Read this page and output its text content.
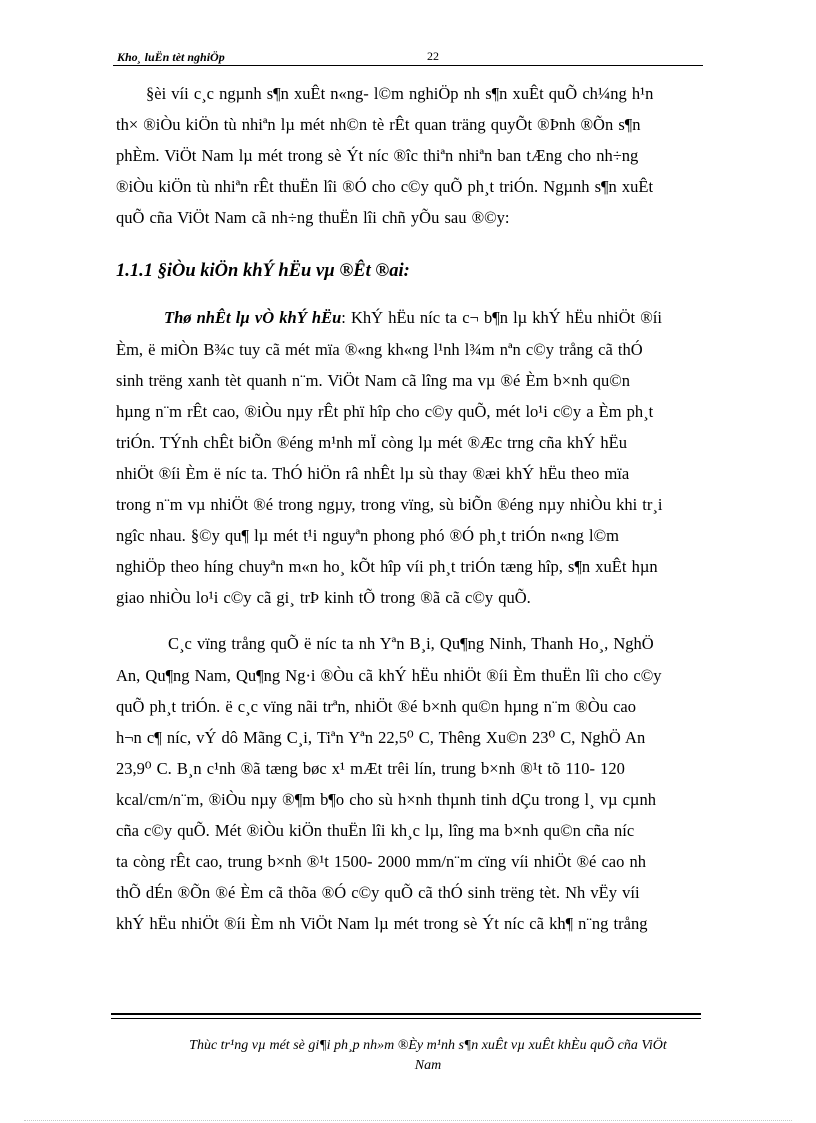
Kho¸ luËn tèt nghiÖp	22
§èi víi c¸c ngµnh s¶n xuÊt n«ng- l©m nghiÖp nh s¶n xuÊt quÕ ch¼ng h¹n
th× ®iÒu kiÖn tù nhiªn lµ mét nh©n tè rÊt quan träng quyÕt ®Þnh ®Õn s¶n
phÈm. ViÖt Nam lµ mét trong sè Ýt níc ®îc thiªn nhiªn ban tÆng cho nh÷ng
®iÒu kiÖn tù nhiªn rÊt thuËn lîi ®Ó cho c©y quÕ ph¸t triÓn. Ngµnh s¶n xuÊt
quÕ cña ViÖt Nam cã nh÷ng thuËn lîi chñ yÕu sau ®©y:
1.1.1 §iÒu kiÖn khÝ hËu vµ ®Êt ®ai:
Thø nhÊt lµ vÒ khÝ hËu: KhÝ hËu níc ta c¬ b¶n lµ khÝ hËu nhiÖt ®íi
Èm, ë miÒn B¾c tuy cã mét mïa ®«ng kh«ng l¹nh l¾m nªn c©y trång cã thÓ
sinh trëng xanh tèt quanh n¨m. ViÖt Nam cã lîng ma vµ ®é Èm b×nh qu©n
hµng n¨m rÊt cao, ®iÒu nµy rÊt phï hîp cho c©y quÕ, mét lo¹i c©y a Èm ph¸t
triÓn. TÝnh chÊt biÕn ®éng m¹nh mÏ còng lµ mét ®Æc trng cña khÝ hËu
nhiÖt ®íi Èm ë níc ta. ThÓ hiÖn râ nhÊt lµ sù thay ®æi khÝ hËu theo mïa
trong n¨m vµ nhiÖt ®é trong ngµy, trong vïng, sù biÕn ®éng nµy nhiÒu khi tr¸i
ngîc nhau. §©y qu¶ lµ mét t¹i nguyªn phong phó ®Ó ph¸t triÓn n«ng l©m
nghiÖp theo híng chuyªn m«n ho¸ kÕt hîp víi ph¸t triÓn tæng hîp, s¶n xuÊt hµn
giao nhiÒu lo¹i c©y cã gi¸ trÞ kinh tÕ trong ®ã cã c©y quÕ.
C¸c vïng trång quÕ ë níc ta nh Yªn B¸i, Qu¶ng Ninh, Thanh Ho¸, NghÖ
An, Qu¶ng Nam, Qu¶ng Ng·i ®Òu cã khÝ hËu nhiÖt ®íi Èm thuËn lîi cho c©y
quÕ ph¸t triÓn. ë c¸c vïng nãi trªn, nhiÖt ®é b×nh qu©n hµng n¨m ®Òu cao
h¬n c¶ níc, vÝ dô Mãng C¸i, Tiªn Yªn 22,5⁰ C, Thêng Xu©n 23⁰ C, NghÖ An
23,9⁰ C. B¸n c¹nh ®ã tæng bøc x¹ mÆt trêi lín, trung b×nh ®¹t tõ 110- 120
kcal/cm/n¨m, ®iÒu nµy ®¶m b¶o cho sù h×nh thµnh tinh dÇu trong l¸ vµ cµnh
cña c©y quÕ. Mét ®iÒu kiÖn thuËn lîi kh¸c lµ, lîng ma b×nh qu©n cña níc
ta còng rÊt cao, trung b×nh ®¹t 1500- 2000 mm/n¨m cïng víi nhiÖt ®é cao nh
thÕ dÉn ®Õn ®é Èm cã thõa ®Ó c©y quÕ cã thÓ sinh trëng tèt. Nh vËy víi
khÝ hËu nhiÖt ®íi Èm nh ViÖt Nam lµ mét trong sè Ýt níc cã kh¶ n¨ng trång
Thùc tr¹ng vµ mét sè gi¶i ph¸p nh»m ®Èy m¹nh s¶n xuÊt vµ xuÊt khÈu quÕ cña ViÖt
Nam
